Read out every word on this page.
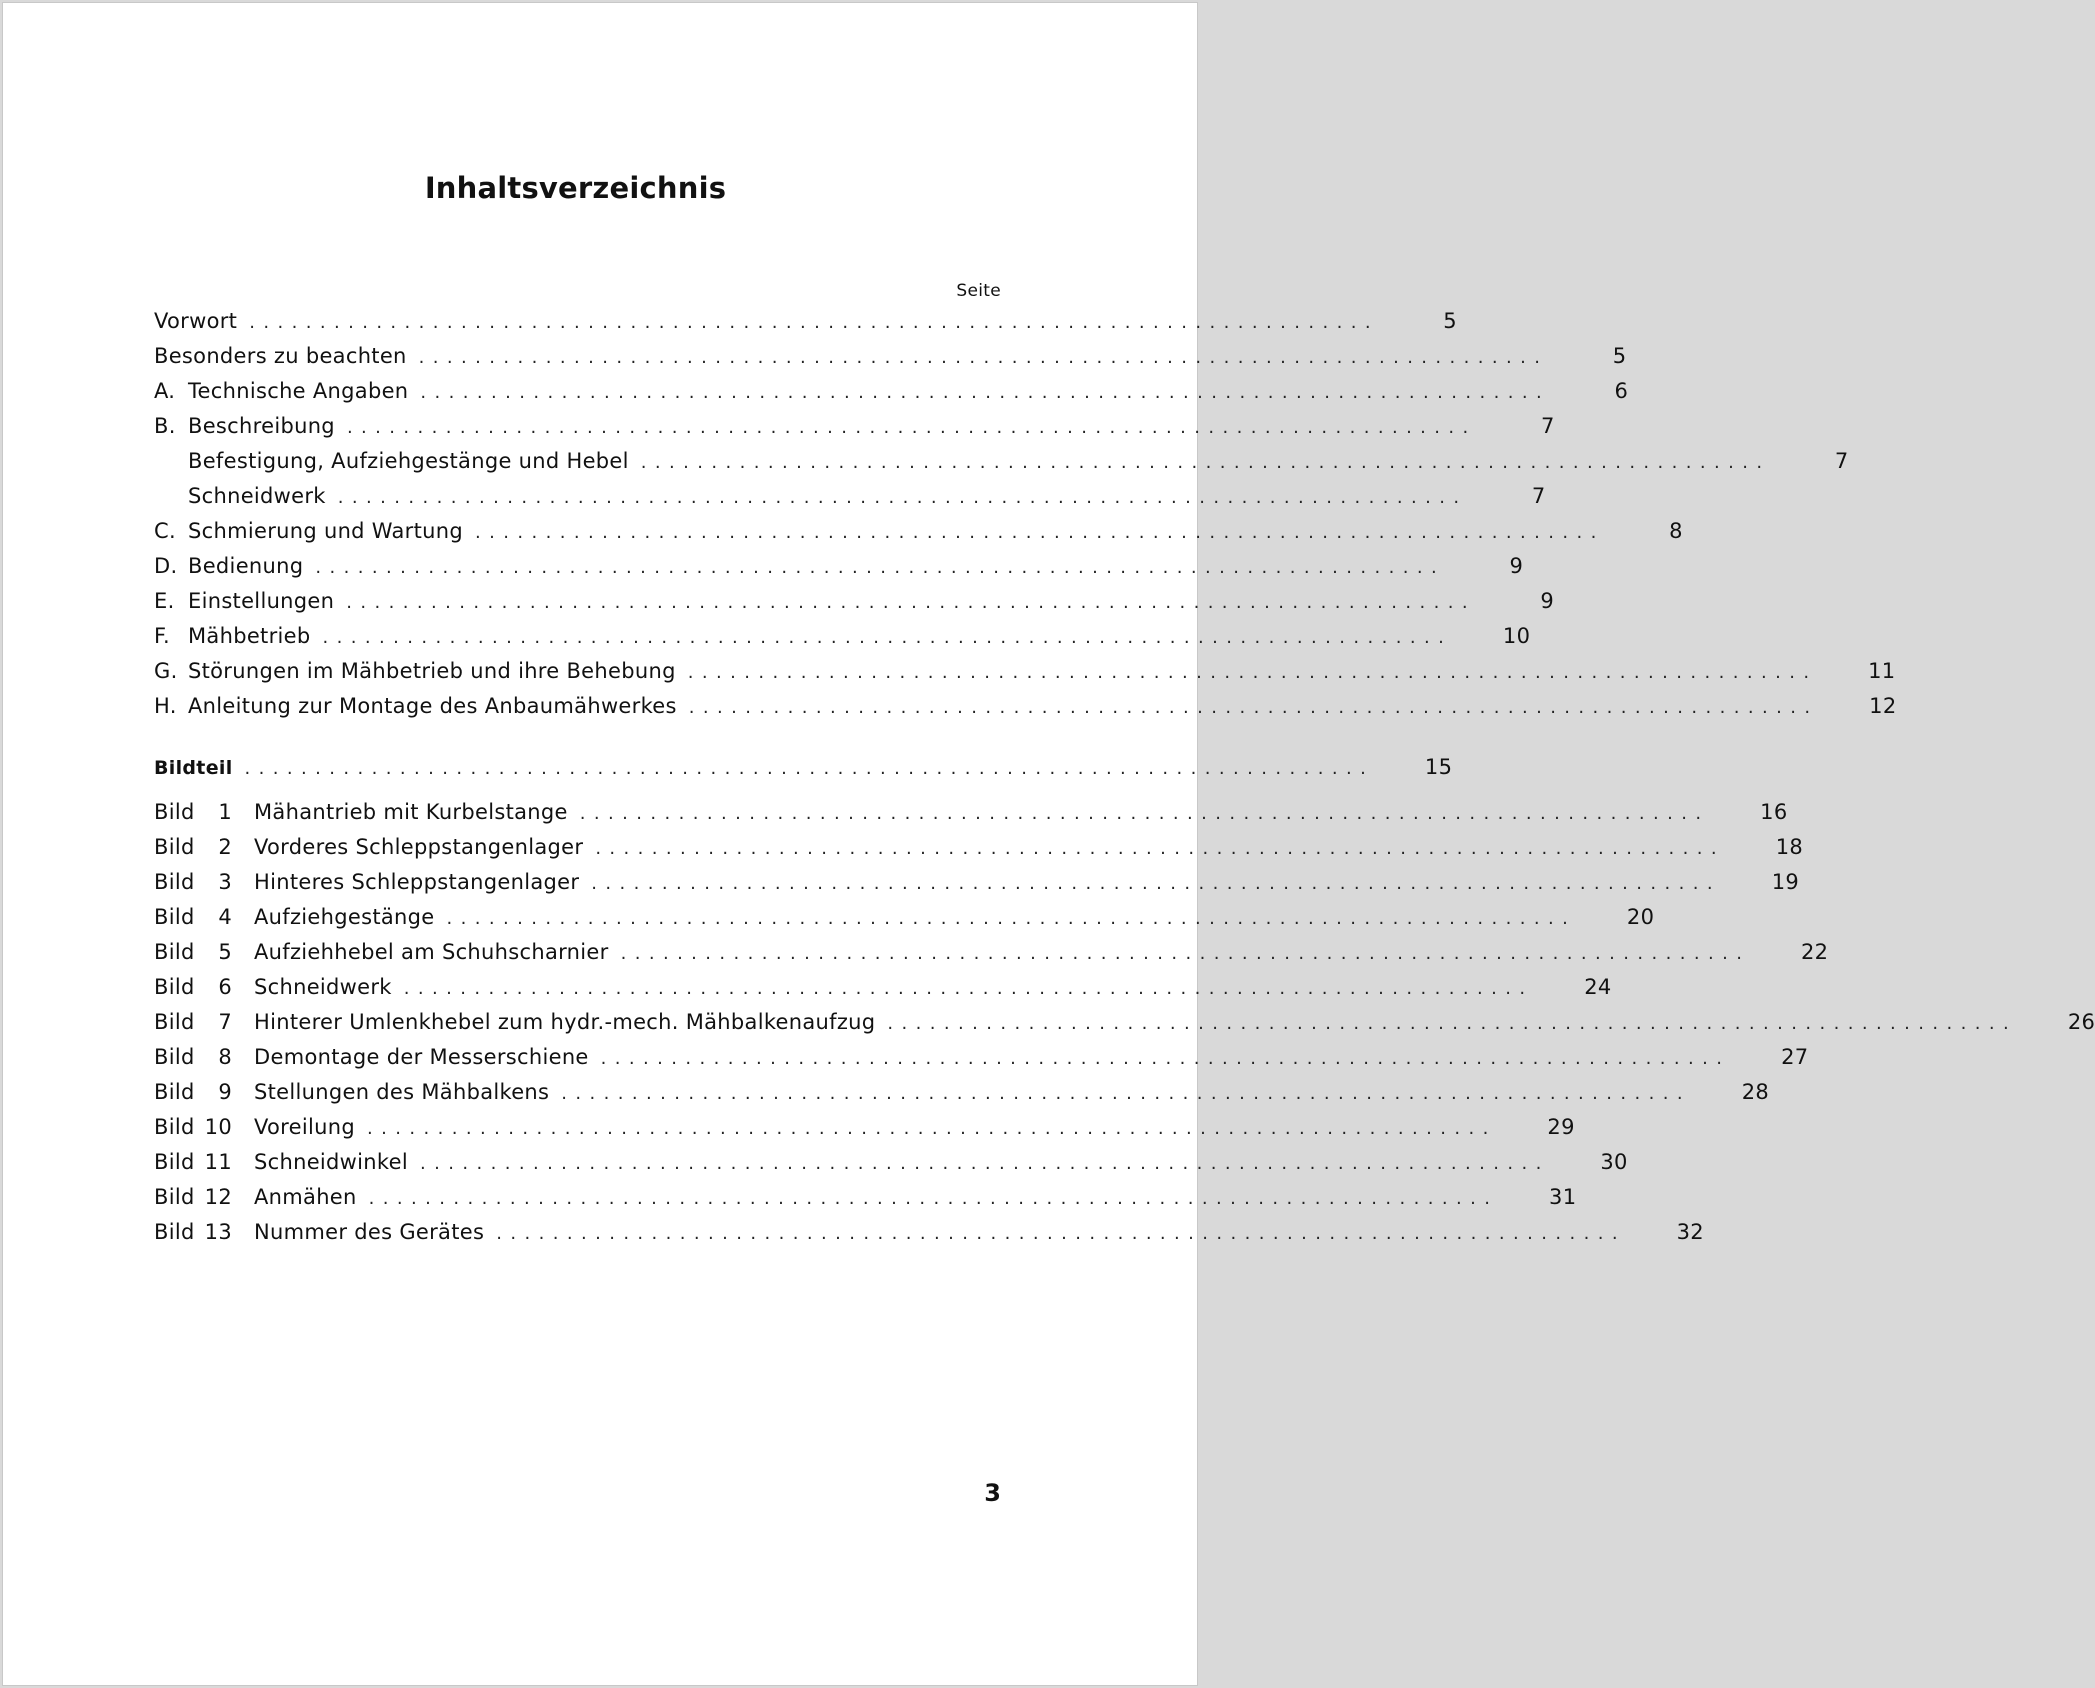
Inhaltsverzeichnis
Seite
Vorwort ................................................................................	5
Besonders zu beachten ................................................................................	5
A. Technische Angaben ................................................................................	6
B. Beschreibung ................................................................................	7
Befestigung, Aufziehgestänge und Hebel ................................................................................	7
Schneidwerk ................................................................................	7
C. Schmierung und Wartung ................................................................................	8
D. Bedienung ................................................................................	9
E. Einstellungen ................................................................................	9
F. Mähbetrieb ................................................................................	10
G. Störungen im Mähbetrieb und ihre Behebung ................................................................................	11
H. Anleitung zur Montage des Anbaumähwerkes ................................................................................	12
Bildteil ................................................................................	15
Bild	1	Mähantrieb mit Kurbelstange ................................................................................	16
Bild	2	Vorderes Schleppstangenlager ................................................................................	18
Bild	3	Hinteres Schleppstangenlager ................................................................................	19
Bild	4	Aufziehgestänge ................................................................................	20
Bild	5	Aufziehhebel am Schuhscharnier ................................................................................	22
Bild	6	Schneidwerk ................................................................................	24
Bild	7	Hinterer Umlenkhebel zum hydr.-mech. Mähbalkenaufzug ................................................................................	26
Bild	8	Demontage der Messerschiene ................................................................................	27
Bild	9	Stellungen des Mähbalkens ................................................................................	28
Bild 10	Voreilung ................................................................................	29
Bild 11	Schneidwinkel ................................................................................	30
Bild 12	Anmähen ................................................................................	31
Bild 13	Nummer des Gerätes ................................................................................	32
3
